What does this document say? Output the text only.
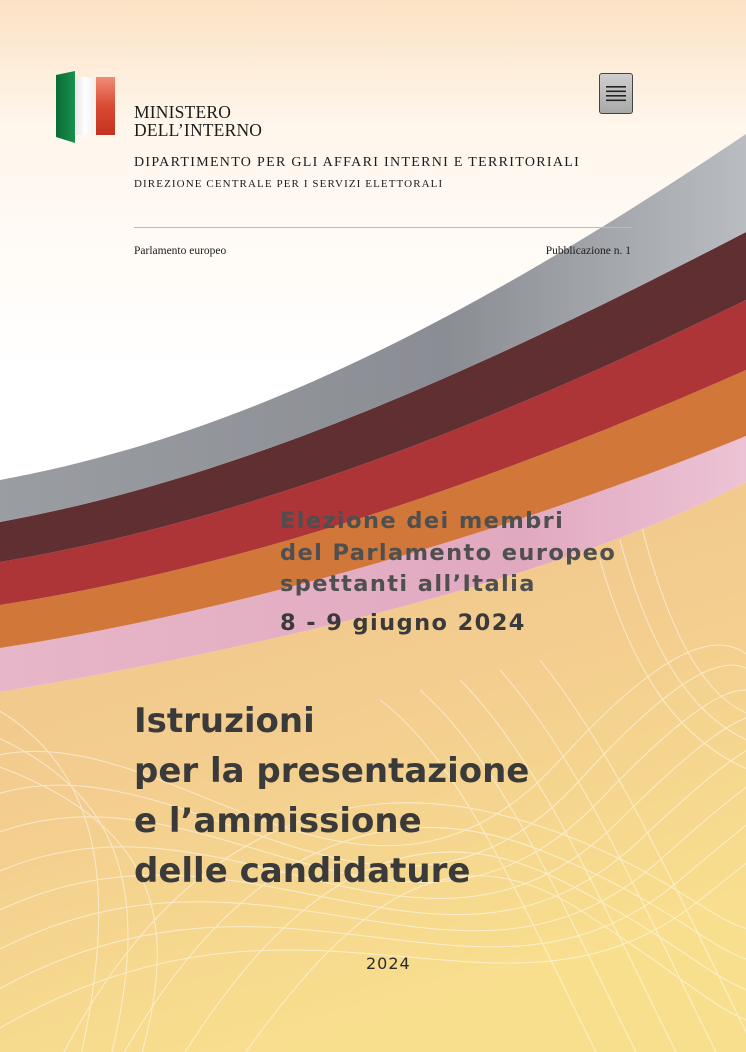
MINISTERO
DELL’INTERNO
DIPARTIMENTO PER GLI AFFARI INTERNI E TERRITORIALI
DIREZIONE CENTRALE PER I SERVIZI ELETTORALI
Parlamento europeo	Pubblicazione n. 1
Elezione dei membri
del Parlamento europeo
spettanti all’Italia
8 - 9 giugno 2024
Istruzioni
per la presentazione
e l’ammissione
delle candidature
2024
